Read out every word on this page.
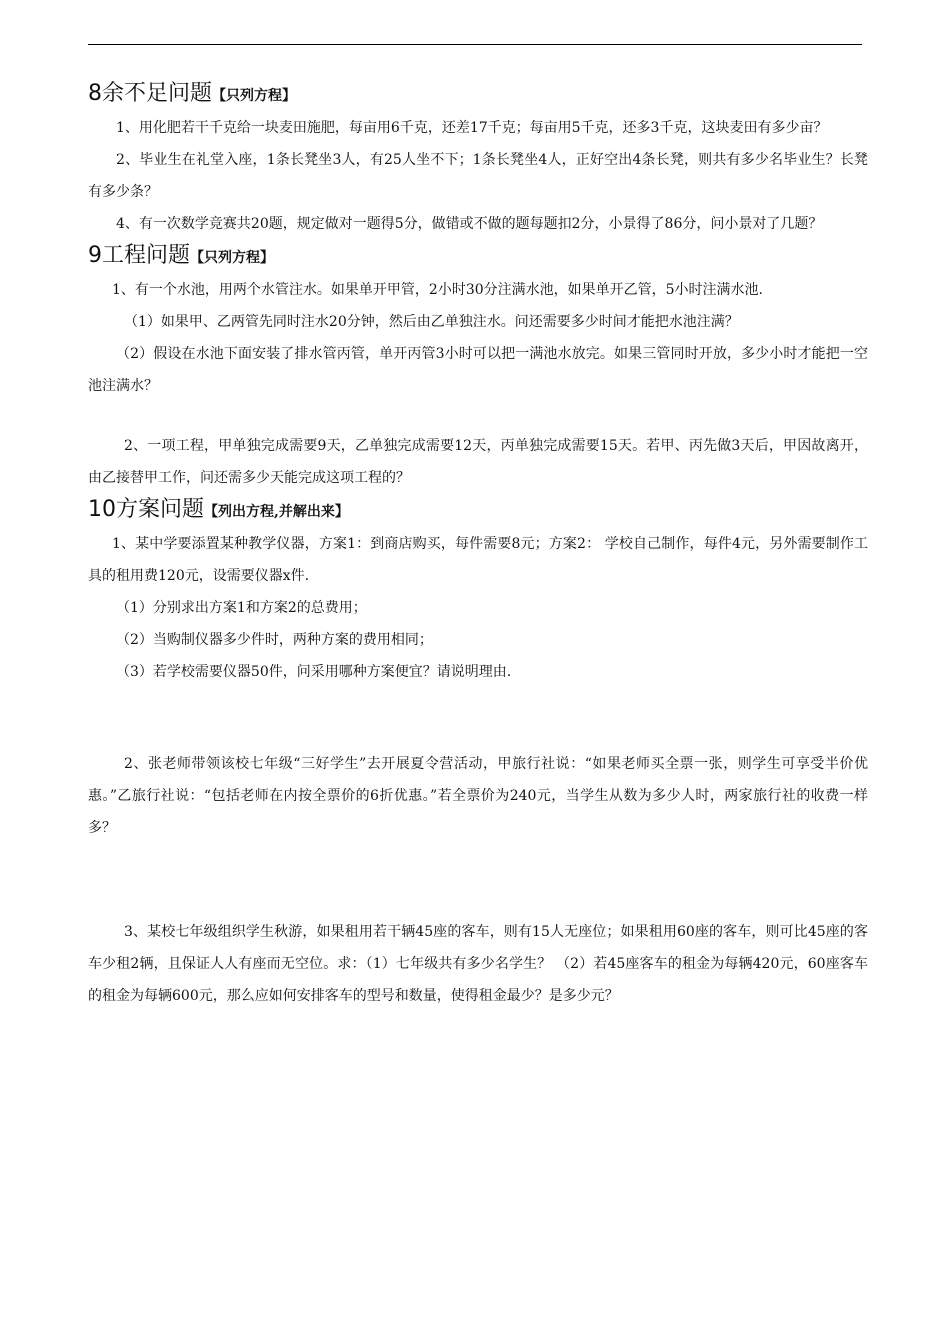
8余不足问题【只列方程】

1、用化肥若干千克给一块麦田施肥，每亩用6千克，还差17千克；每亩用5千克，还多3千克，这块麦田有多少亩？

2、毕业生在礼堂入座，1条长凳坐3人，有25人坐不下；1条长凳坐4人，正好空出4条长凳，则共有多少名毕业生？长凳有多少条？

4、有一次数学竞赛共20题，规定做对一题得5分，做错或不做的题每题扣2分，小景得了86分，问小景对了几题？

9工程问题【只列方程】

1、有一个水池，用两个水管注水。如果单开甲管，2小时30分注满水池，如果单开乙管，5小时注满水池.

（1）如果甲、乙两管先同时注水20分钟，然后由乙单独注水。问还需要多少时间才能把水池注满？

（2）假设在水池下面安装了排水管丙管，单开丙管3小时可以把一满池水放完。如果三管同时开放，多少小时才能把一空池注满水？

2、一项工程，甲单独完成需要9天，乙单独完成需要12天，丙单独完成需要15天。若甲、丙先做3天后，甲因故离开，由乙接替甲工作，问还需多少天能完成这项工程的？

10方案问题【列出方程,并解出来】

1、某中学要添置某种教学仪器，方案1：到商店购买，每件需要8元；方案2： 学校自己制作，每件4元，另外需要制作工具的租用费120元，设需要仪器x件.

（1）分别求出方案1和方案2的总费用；

（2）当购制仪器多少件时，两种方案的费用相同；

（3）若学校需要仪器50件，问采用哪种方案便宜？请说明理由.

2、张老师带领该校七年级“三好学生”去开展夏令营活动，甲旅行社说：“如果老师买全票一张，则学生可享受半价优惠。”乙旅行社说：“包括老师在内按全票价的6折优惠。”若全票价为240元，当学生从数为多少人时，两家旅行社的收费一样多？

3、某校七年级组织学生秋游，如果租用若干辆45座的客车，则有15人无座位；如果租用60座的客车，则可比45座的客车少租2辆，且保证人人有座而无空位。求：（1）七年级共有多少名学生？ （2）若45座客车的租金为每辆420元，60座客车的租金为每辆600元，那么应如何安排客车的型号和数量，使得租金最少？是多少元？
